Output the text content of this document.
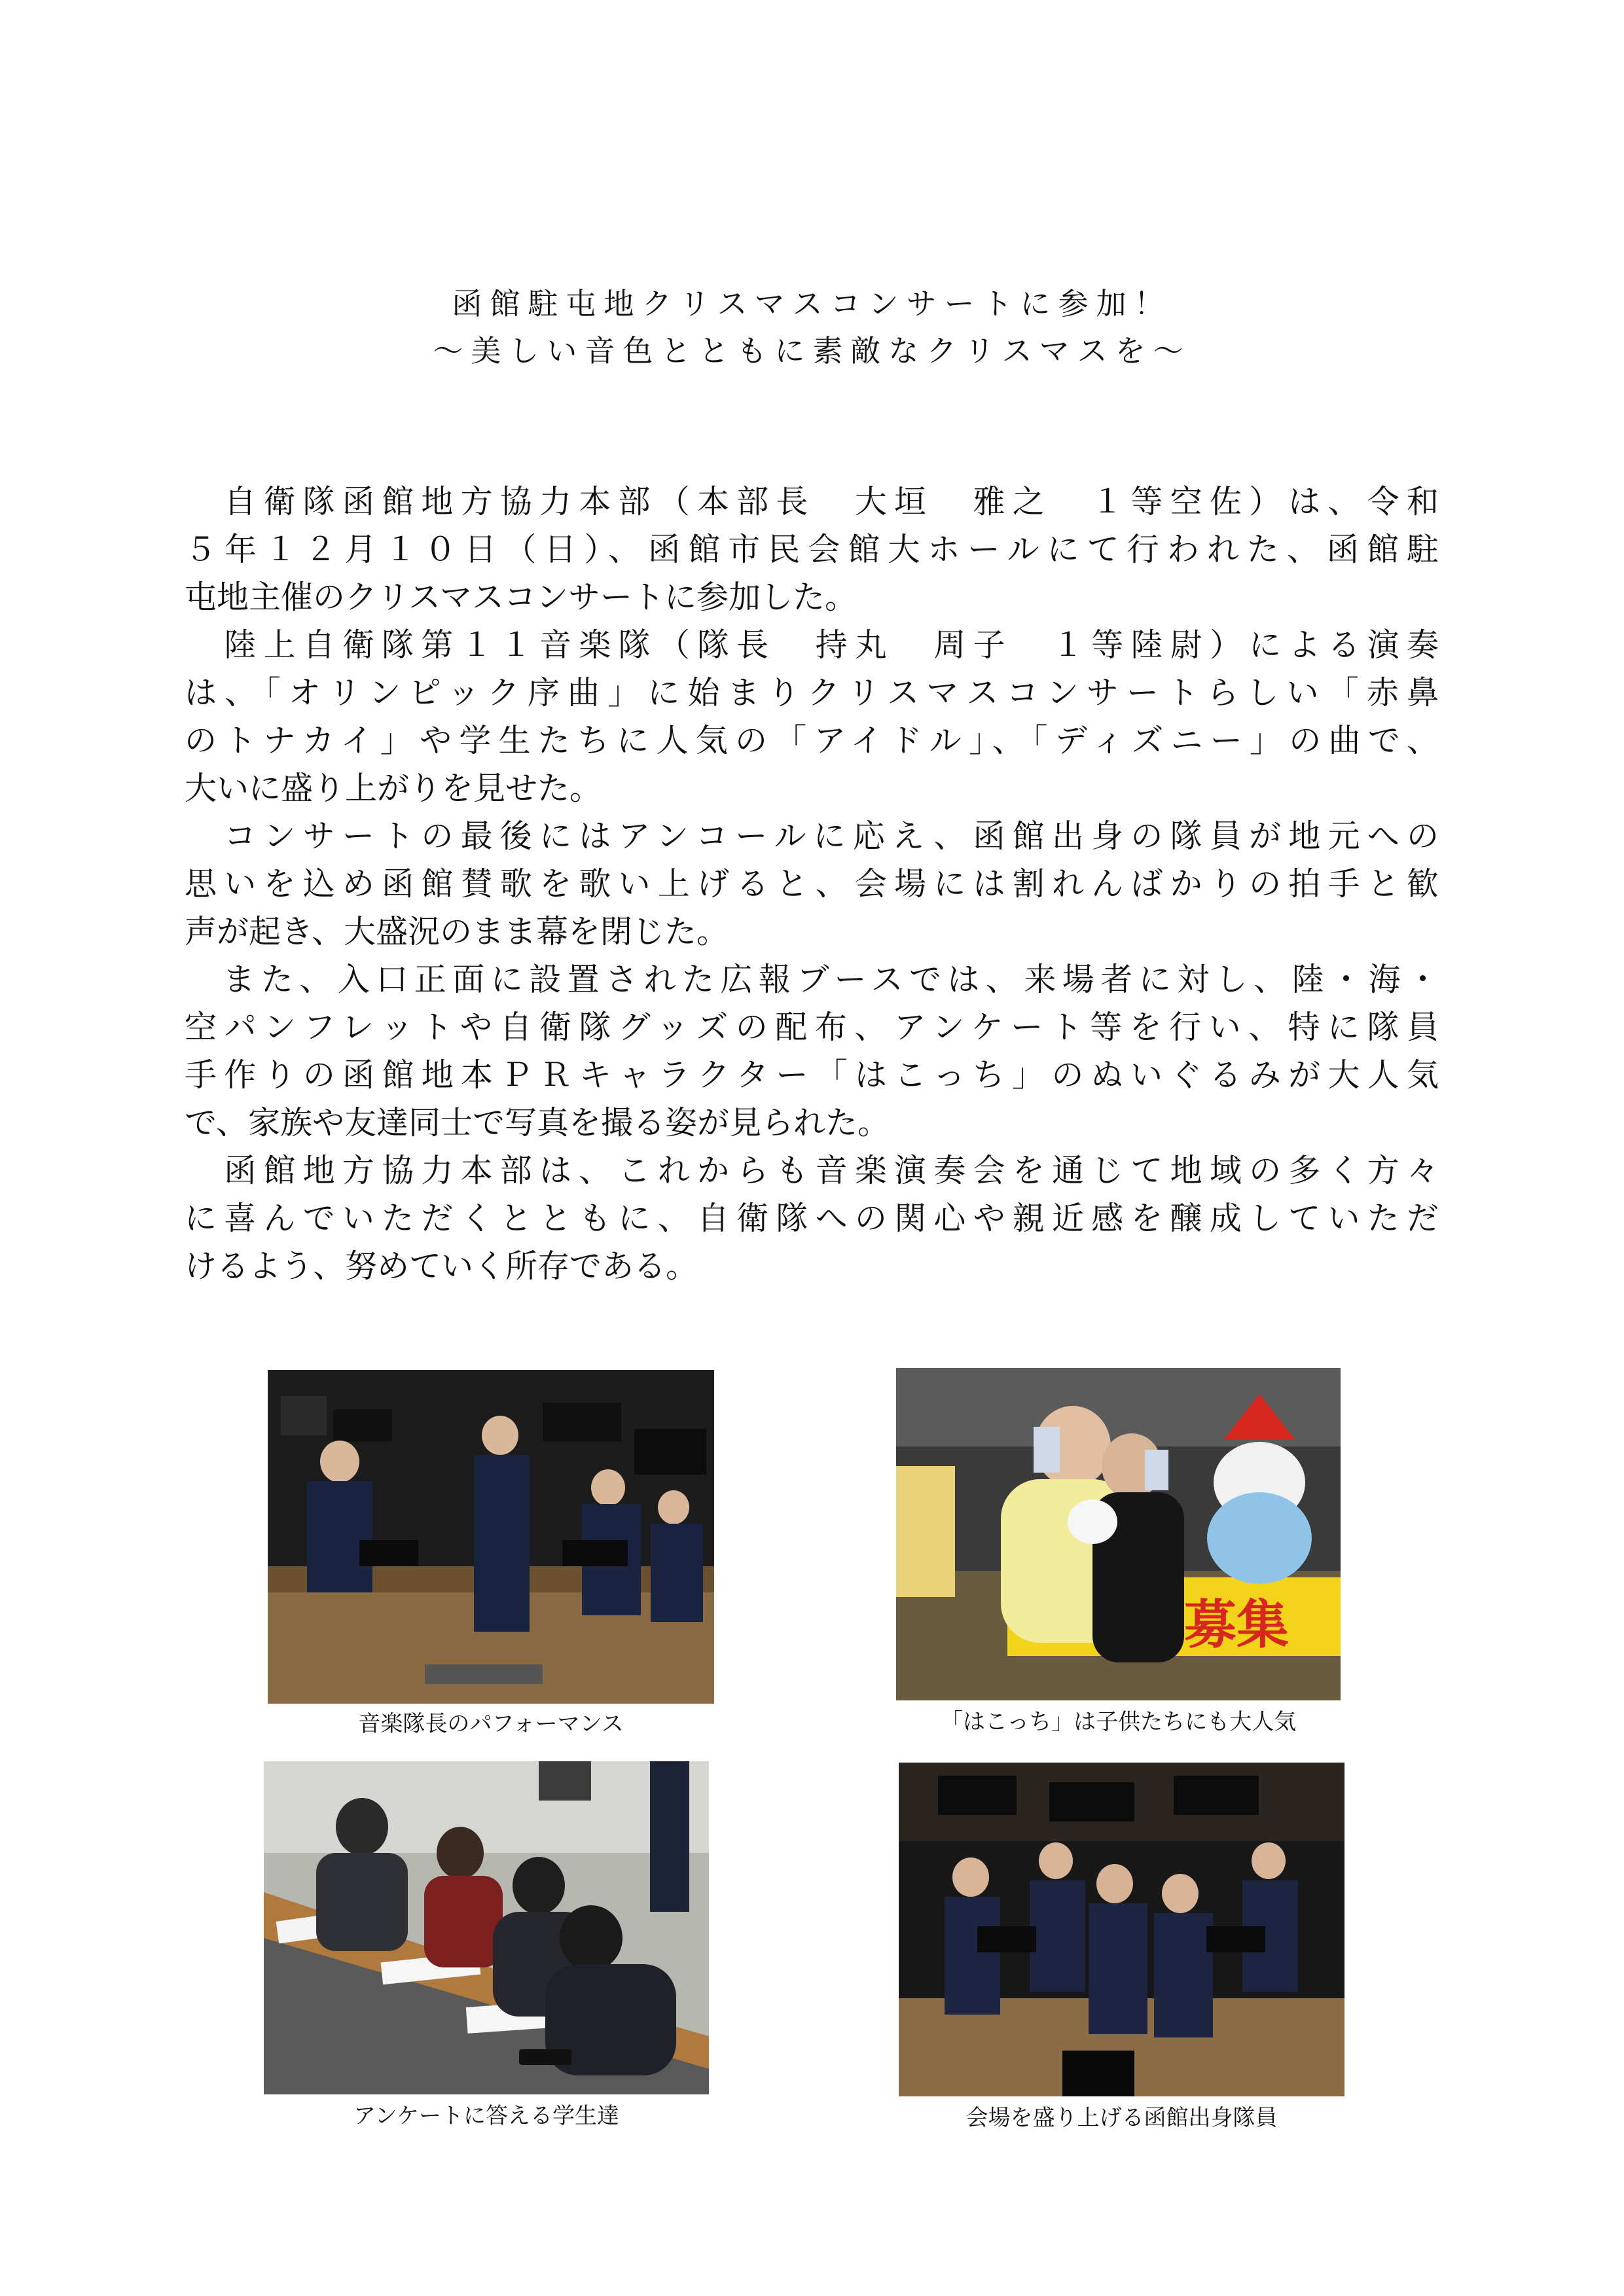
函館駐屯地クリスマスコンサートに参加！
～美しい音色とともに素敵なクリスマスを～
　自衛隊函館地方協力本部（本部長　大垣　雅之　１等空佐）は、令和
５年１２月１０日（日）、函館市民会館大ホールにて行われた、函館駐
屯地主催のクリスマスコンサートに参加した。
　陸上自衛隊第１１音楽隊（隊長　持丸　周子　１等陸尉）による演奏
は、「オリンピック序曲」に始まりクリスマスコンサートらしい「赤鼻
のトナカイ」や学生たちに人気の「アイドル」、「ディズニー」の曲で、
大いに盛り上がりを見せた。
　コンサートの最後にはアンコールに応え、函館出身の隊員が地元への
思いを込め函館賛歌を歌い上げると、会場には割れんばかりの拍手と歓
声が起き、大盛況のまま幕を閉じた。
　また、入口正面に設置された広報ブースでは、来場者に対し、陸・海・
空パンフレットや自衛隊グッズの配布、アンケート等を行い、特に隊員
手作りの函館地本ＰＲキャラクター「はこっち」のぬいぐるみが大人気
で、家族や友達同士で写真を撮る姿が見られた。
　函館地方協力本部は、これからも音楽演奏会を通じて地域の多く方々
に喜んでいただくとともに、自衛隊への関心や親近感を醸成していただ
けるよう、努めていく所存である。
音楽隊長のパフォーマンス
募集
「はこっち」は子供たちにも大人気
アンケートに答える学生達	会場を盛り上げる函館出身隊員
